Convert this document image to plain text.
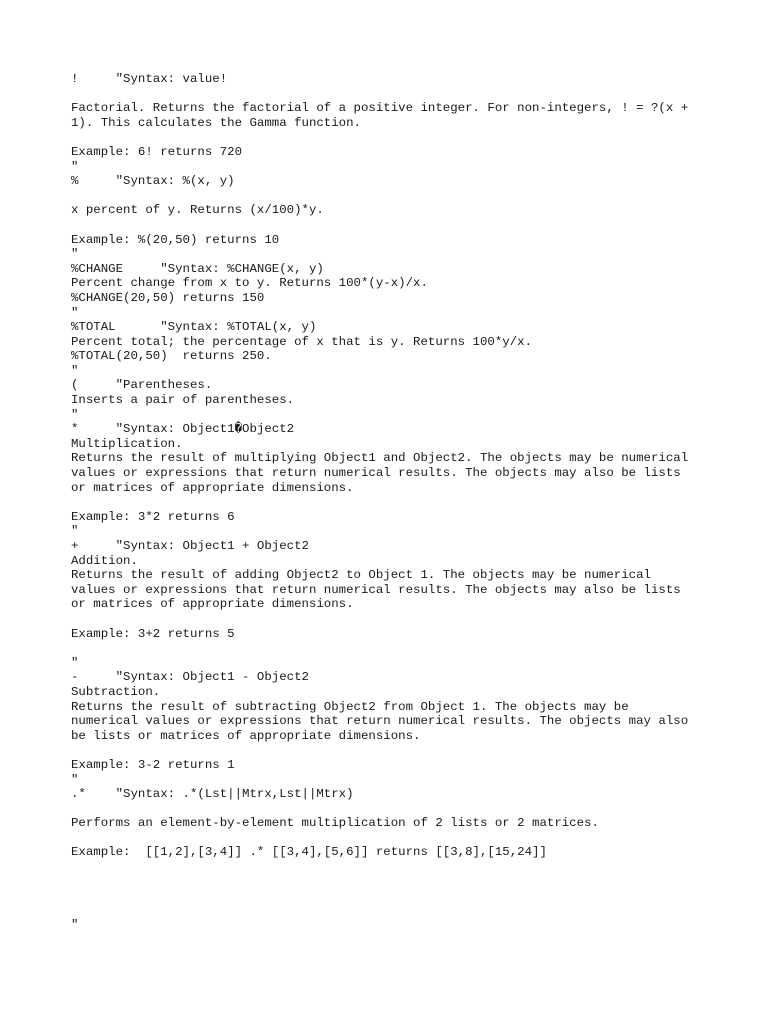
!     "Syntax: value!
Factorial. Returns the factorial of a positive integer. For non-integers, ! = ?(x +
1). This calculates the Gamma function.
Example: 6! returns 720
"
%     "Syntax: %(x, y)
x percent of y. Returns (x/100)*y.
Example: %(20,50) returns 10
"
%CHANGE     "Syntax: %CHANGE(x, y)
Percent change from x to y. Returns 100*(y-x)/x.
%CHANGE(20,50) returns 150
"
%TOTAL      "Syntax: %TOTAL(x, y)
Percent total; the percentage of x that is y. Returns 100*y/x.
%TOTAL(20,50)  returns 250.
"
(     "Parentheses.
Inserts a pair of parentheses.
"
*     "Syntax: Object1�Object2
Multiplication.
Returns the result of multiplying Object1 and Object2. The objects may be numerical
values or expressions that return numerical results. The objects may also be lists
or matrices of appropriate dimensions.
Example: 3*2 returns 6
"
+     "Syntax: Object1 + Object2
Addition.
Returns the result of adding Object2 to Object 1. The objects may be numerical
values or expressions that return numerical results. The objects may also be lists
or matrices of appropriate dimensions.
Example: 3+2 returns 5
"
-     "Syntax: Object1 - Object2
Subtraction.
Returns the result of subtracting Object2 from Object 1. The objects may be
numerical values or expressions that return numerical results. The objects may also
be lists or matrices of appropriate dimensions.
Example: 3-2 returns 1
"
.*    "Syntax: .*(Lst||Mtrx,Lst||Mtrx)
Performs an element-by-element multiplication of 2 lists or 2 matrices.
Example:  [[1,2],[3,4]] .* [[3,4],[5,6]] returns [[3,8],[15,24]]
"
